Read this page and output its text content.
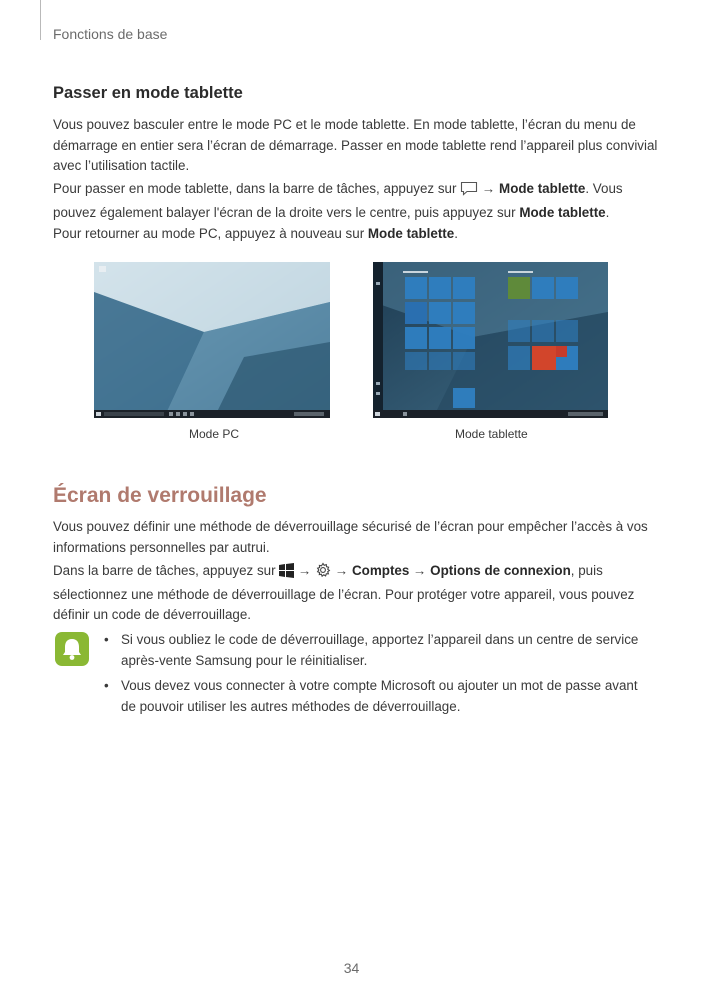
Fonctions de base
Passer en mode tablette
Vous pouvez basculer entre le mode PC et le mode tablette. En mode tablette, l’écran du menu de démarrage en entier sera l’écran de démarrage. Passer en mode tablette rend l’appareil plus convivial avec l’utilisation tactile.
Pour passer en mode tablette, dans la barre de tâches, appuyez sur → Mode tablette. Vous pouvez également balayer l'écran de la droite vers le centre, puis appuyez sur Mode tablette.
Pour retourner au mode PC, appuyez à nouveau sur Mode tablette.
Mode PC	Mode tablette
Écran de verrouillage
Vous pouvez définir une méthode de déverrouillage sécurisé de l’écran pour empêcher l’accès à vos informations personnelles par autrui.
Dans la barre de tâches, appuyez sur → → Comptes → Options de connexion, puis sélectionnez une méthode de déverrouillage de l’écran. Pour protéger votre appareil, vous pouvez définir un code de déverrouillage.
• Si vous oubliez le code de déverrouillage, apportez l’appareil dans un centre de service après-vente Samsung pour le réinitialiser.
• Vous devez vous connecter à votre compte Microsoft ou ajouter un mot de passe avant de pouvoir utiliser les autres méthodes de déverrouillage.
34
